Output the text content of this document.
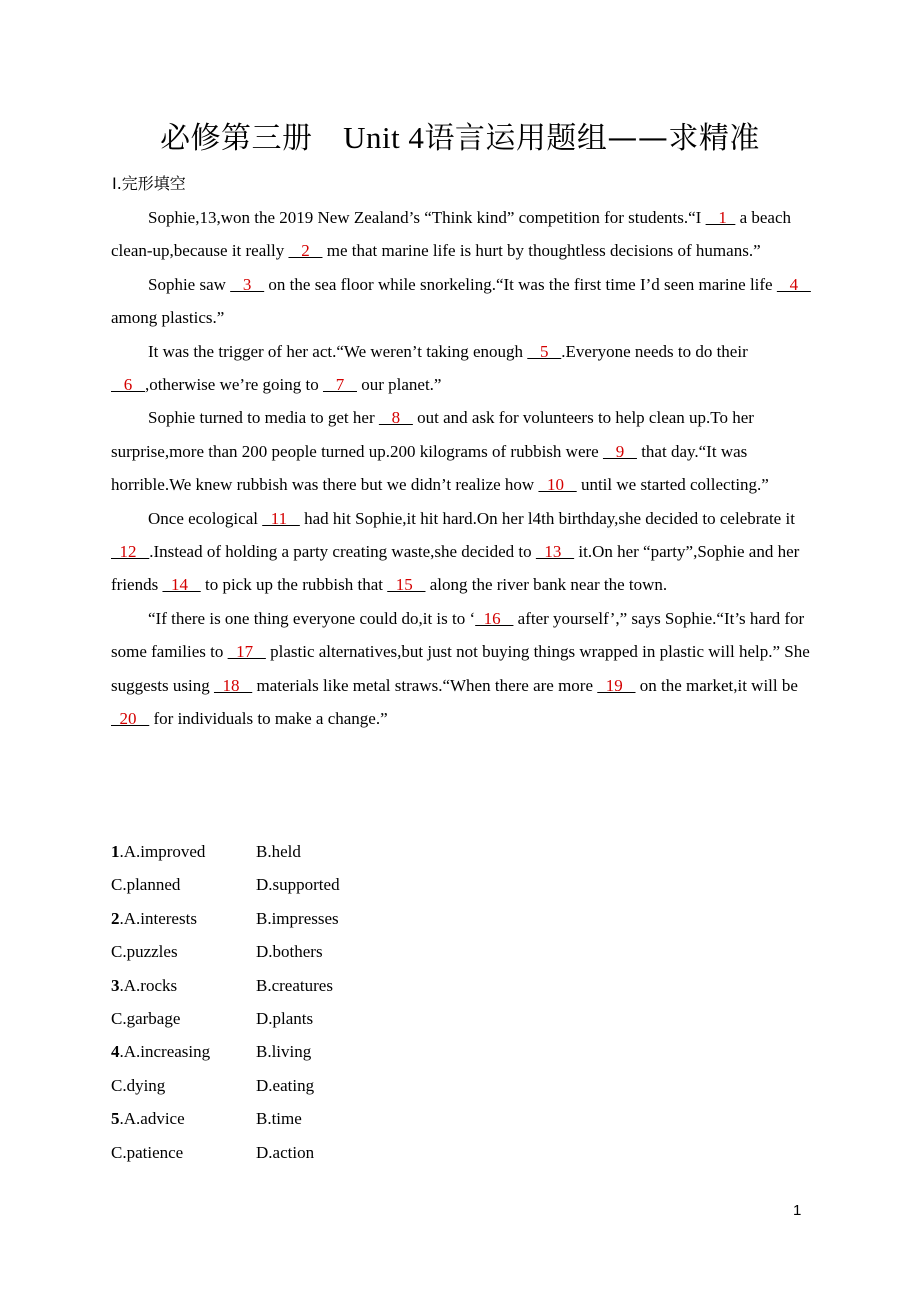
必修第三册　 Unit 4语言运用题组——求精准
Ⅰ.完形填空

Sophie,13,won the 2019 New Zealand’s “Think kind” competition for students.“I    1   a beach clean-up,because it really    2    me that marine life is hurt by thoughtless decisions of humans.”

Sophie saw    3    on the sea floor while snorkeling.“It was the first time I’d seen marine life    4    among plastics.”

It was the trigger of her act.“We weren’t taking enough    5   .Everyone needs to do their    6   ,otherwise we’re going to    7    our planet.”

Sophie turned to media to get her    8    out and ask for volunteers to help clean up.To her surprise,more than 200 people turned up.200 kilograms of rubbish were    9    that day.“It was horrible.We knew rubbish was there but we didn’t realize how   10    until we started collecting.”

Once ecological   11    had hit Sophie,it hit hard.On her l4th birthday,she decided to celebrate it   12   .Instead of holding a party creating waste,she decided to   13    it.On her “party”,Sophie and her friends   14    to pick up the rubbish that   15    along the river bank near the town.

“If there is one thing everyone could do,it is to ‘  16    after yourself’,” says Sophie.“It’s hard for some families to   17    plastic alternatives,but just not buying things wrapped in plastic will help.” She suggests using   18    materials like metal straws.“When there are more   19    on the market,it will be   20    for individuals to make a change.”

1.A.improved	B.held
C.planned	D.supported
2.A.interests	B.impresses
C.puzzles	D.bothers
3.A.rocks	B.creatures
C.garbage	D.plants
4.A.increasing	B.living
C.dying	D.eating
5.A.advice	B.time
C.patience	D.action
1
